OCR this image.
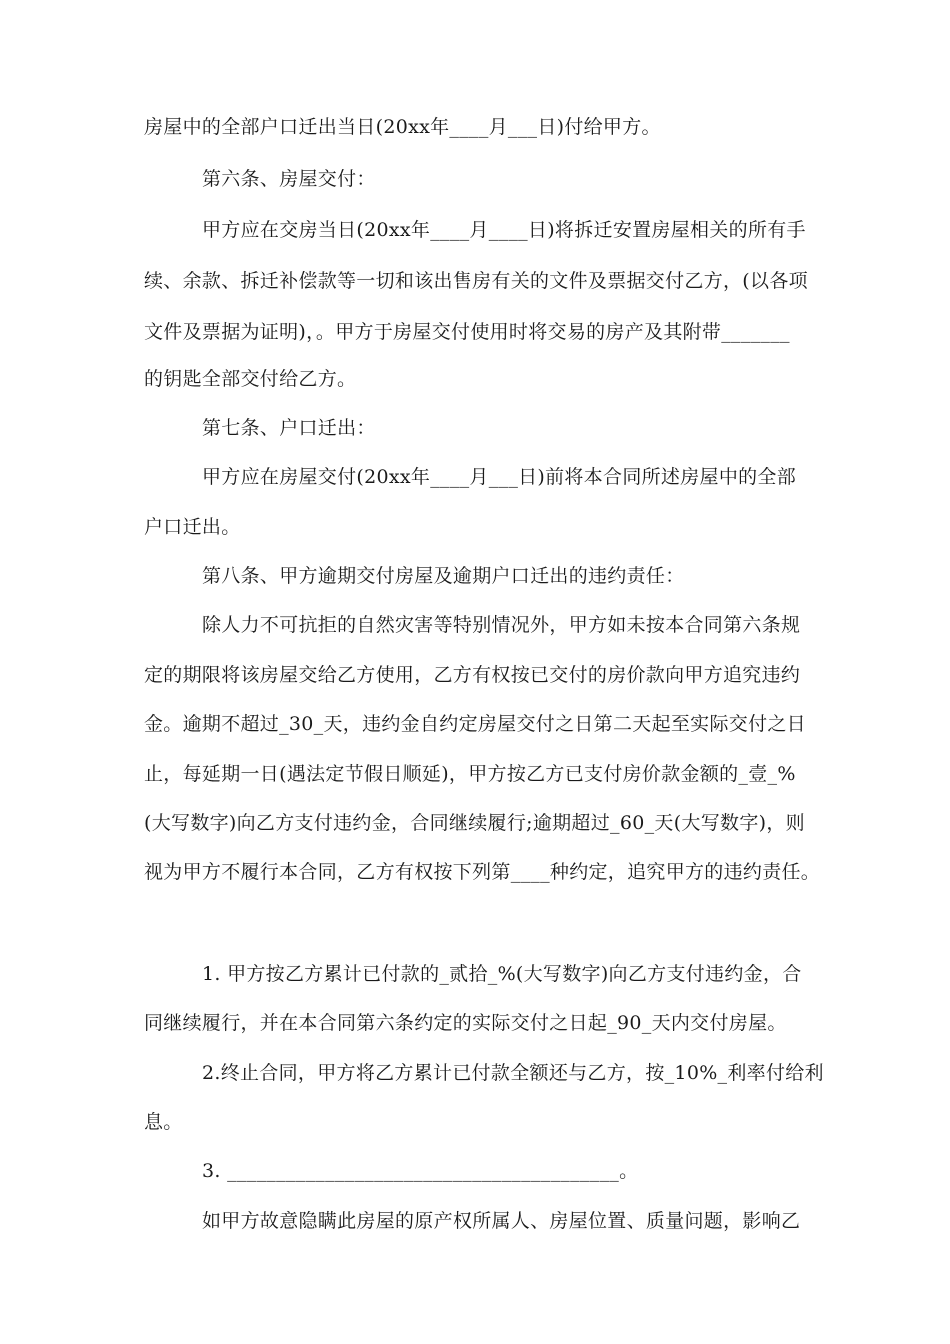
房屋中的全部户口迁出当日(20xx年____月___日)付给甲方。
第六条、房屋交付：
甲方应在交房当日(20xx年____月____日)将拆迁安置房屋相关的所有手
续、余款、拆迁补偿款等一切和该出售房有关的文件及票据交付乙方，(以各项
文件及票据为证明)，。甲方于房屋交付使用时将交易的房产及其附带_______
的钥匙全部交付给乙方。
第七条、户口迁出：
甲方应在房屋交付(20xx年____月___日)前将本合同所述房屋中的全部
户口迁出。
第八条、甲方逾期交付房屋及逾期户口迁出的违约责任：
除人力不可抗拒的自然灾害等特别情况外，甲方如未按本合同第六条规
定的期限将该房屋交给乙方使用，乙方有权按已交付的房价款向甲方追究违约
金。逾期不超过_30_天，违约金自约定房屋交付之日第二天起至实际交付之日
止，每延期一日(遇法定节假日顺延)，甲方按乙方已支付房价款金额的_壹_%
(大写数字)向乙方支付违约金，合同继续履行;逾期超过_60_天(大写数字)，则
视为甲方不履行本合同，乙方有权按下列第____种约定，追究甲方的违约责任。
1. 甲方按乙方累计已付款的_贰拾_%(大写数字)向乙方支付违约金，合
同继续履行，并在本合同第六条约定的实际交付之日起_90_天内交付房屋。
2.终止合同，甲方将乙方累计已付款全额还与乙方，按_10%_利率付给利
息。
3. ________________________________________。
如甲方故意隐瞒此房屋的原产权所属人、房屋位置、质量问题，影响乙
